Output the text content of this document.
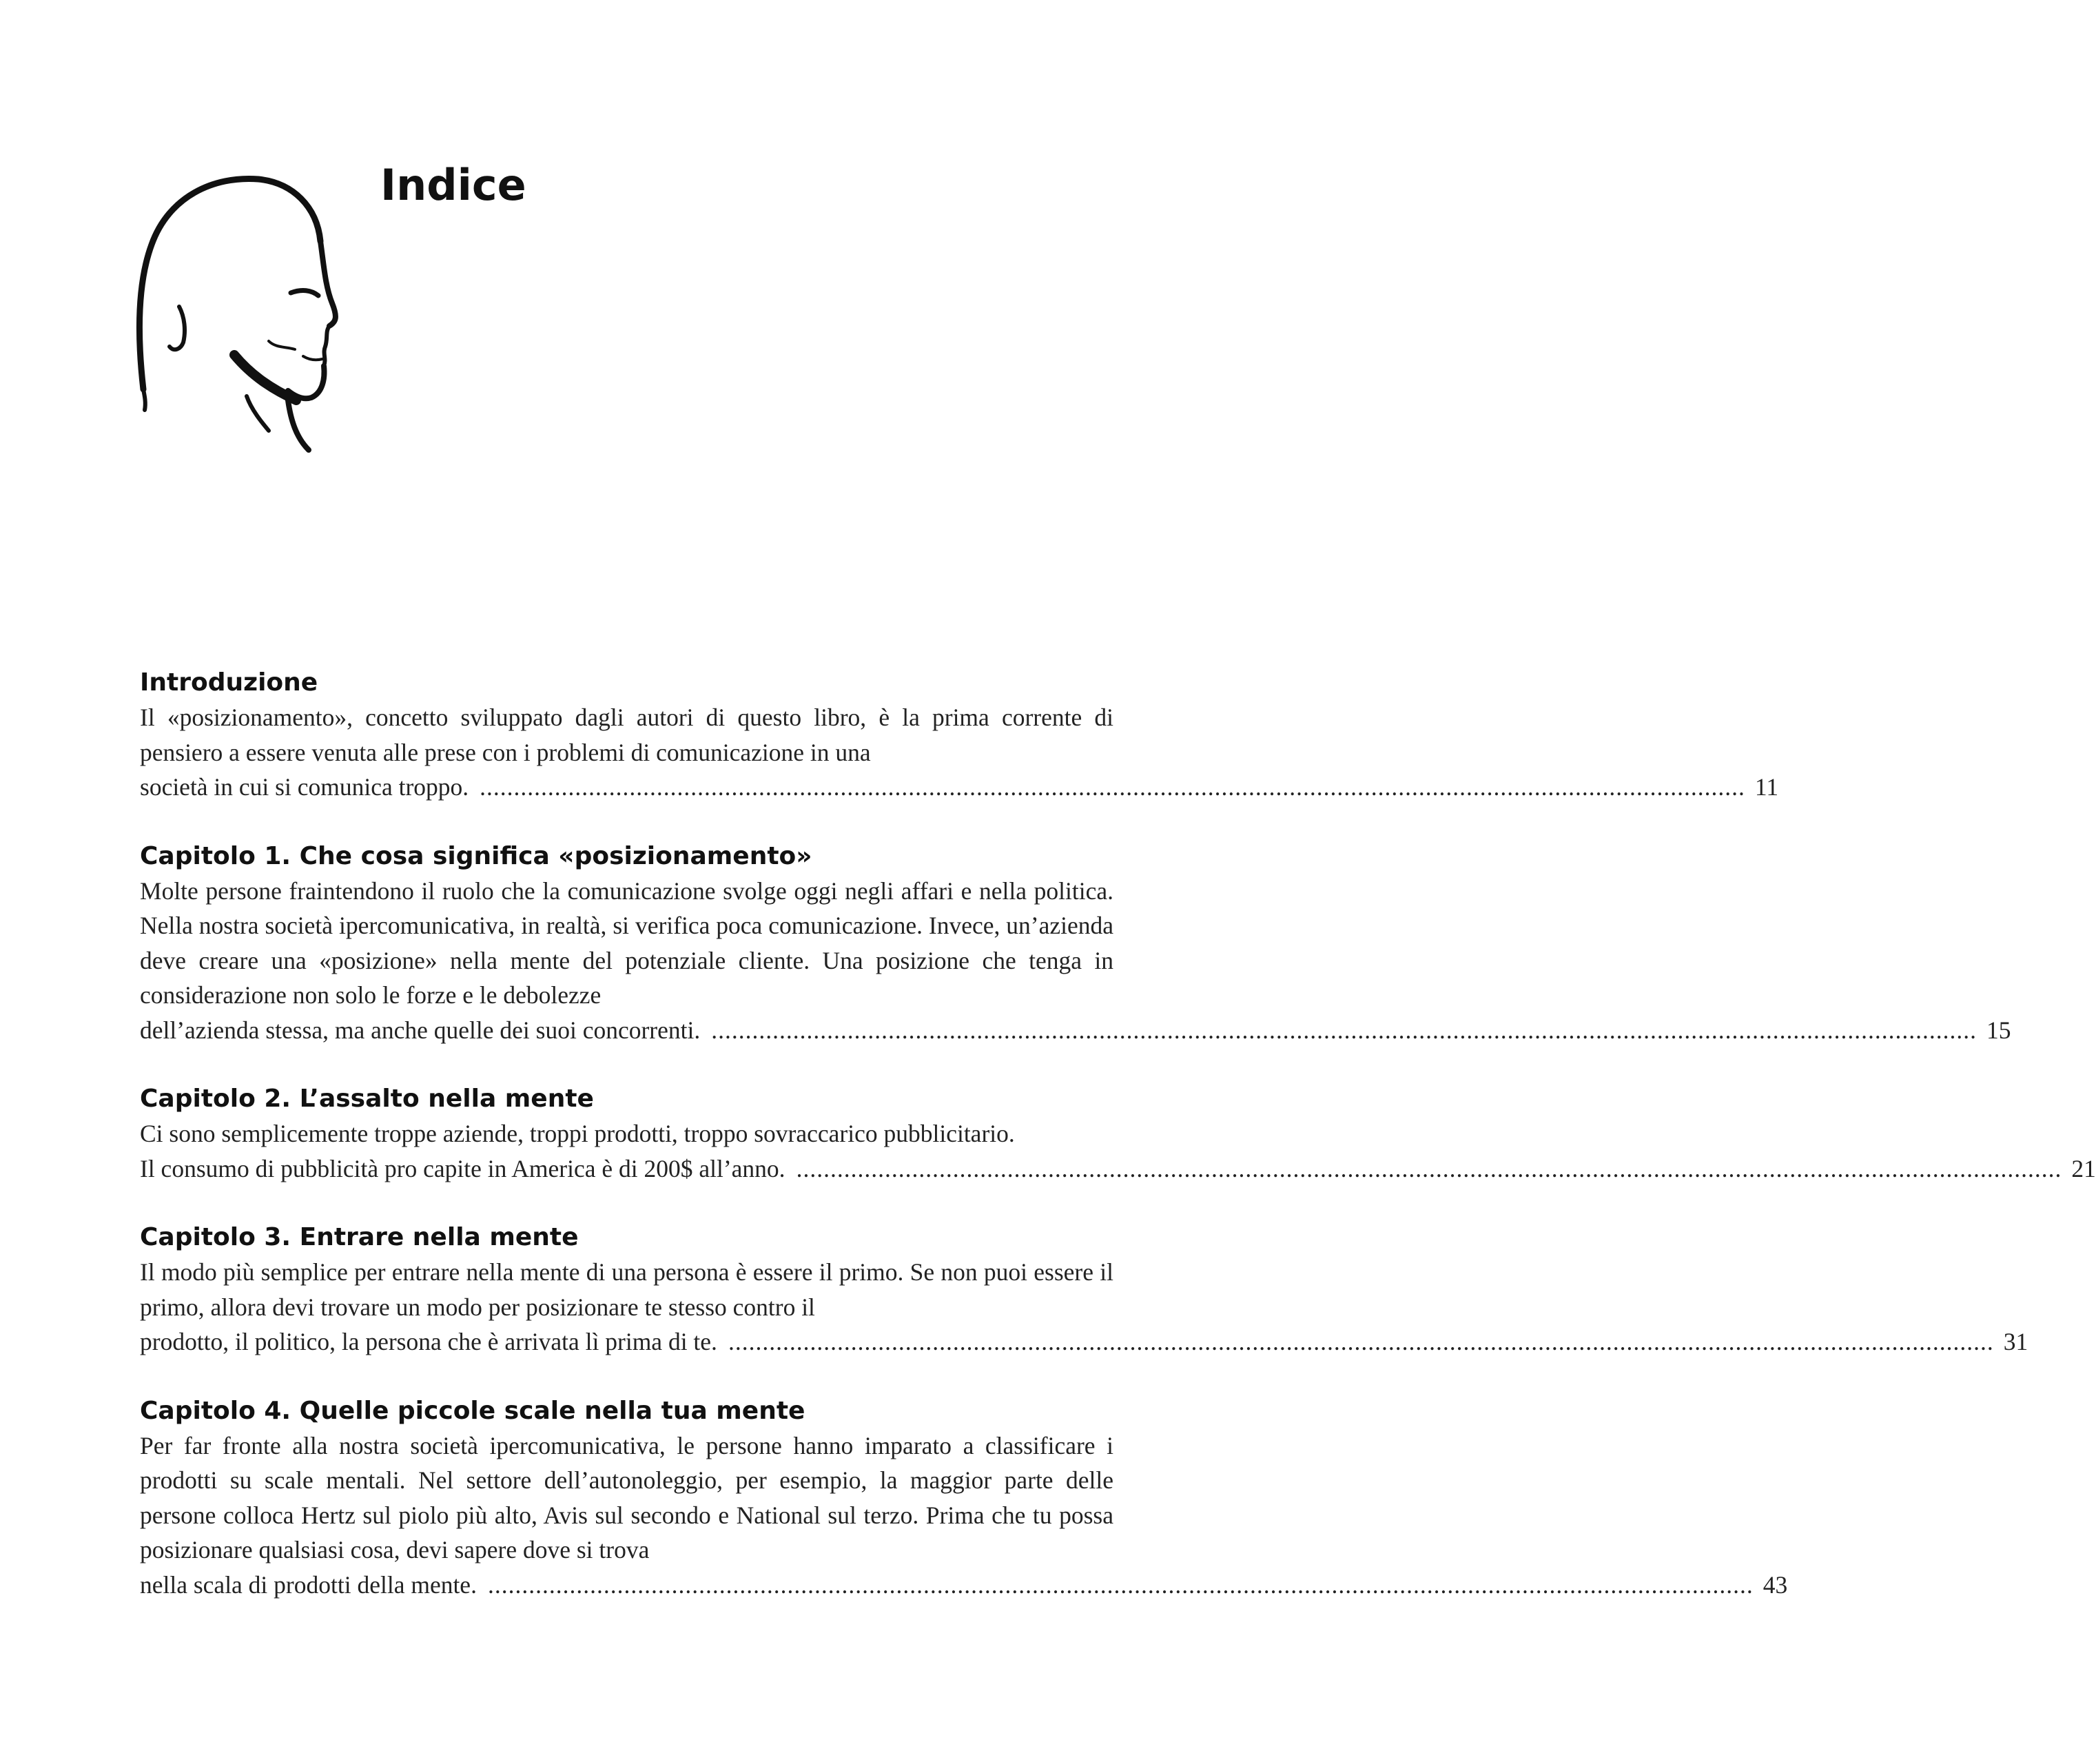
Indice
Introduzione

Il «posizionamento», concetto sviluppato dagli autori di questo libro, è la prima corrente di pensiero a essere venuta alle prese con i problemi di comunicazione in una

società in cui si comunica troppo. .......................................................................................................................................................................................... 11
Capitolo 1. Che cosa significa «posizionamento»

Molte persone fraintendono il ruolo che la comunicazione svolge oggi negli affari e nella politica. Nella nostra società ipercomunicativa, in realtà, si verifica poca comunicazione. Invece, un’azienda deve creare una «posizione» nella mente del potenziale cliente. Una posizione che tenga in considerazione non solo le forze e le debolezze

dell’azienda stessa, ma anche quelle dei suoi concorrenti. .......................................................................................................................................................................................... 15
Capitolo 2. L’assalto nella mente

Ci sono semplicemente troppe aziende, troppi prodotti, troppo sovraccarico pubblicitario.

Il consumo di pubblicità pro capite in America è di 200$ all’anno. .......................................................................................................................................................................................... 21
Capitolo 3. Entrare nella mente

Il modo più semplice per entrare nella mente di una persona è essere il primo. Se non puoi essere il primo, allora devi trovare un modo per posizionare te stesso contro il

prodotto, il politico, la persona che è arrivata lì prima di te. .......................................................................................................................................................................................... 31
Capitolo 4. Quelle piccole scale nella tua mente

Per far fronte alla nostra società ipercomunicativa, le persone hanno imparato a classificare i prodotti su scale mentali. Nel settore dell’autonoleggio, per esempio, la maggior parte delle persone colloca Hertz sul piolo più alto, Avis sul secondo e National sul terzo. Prima che tu possa posizionare qualsiasi cosa, devi sapere dove si trova

nella scala di prodotti della mente. .......................................................................................................................................................................................... 43
